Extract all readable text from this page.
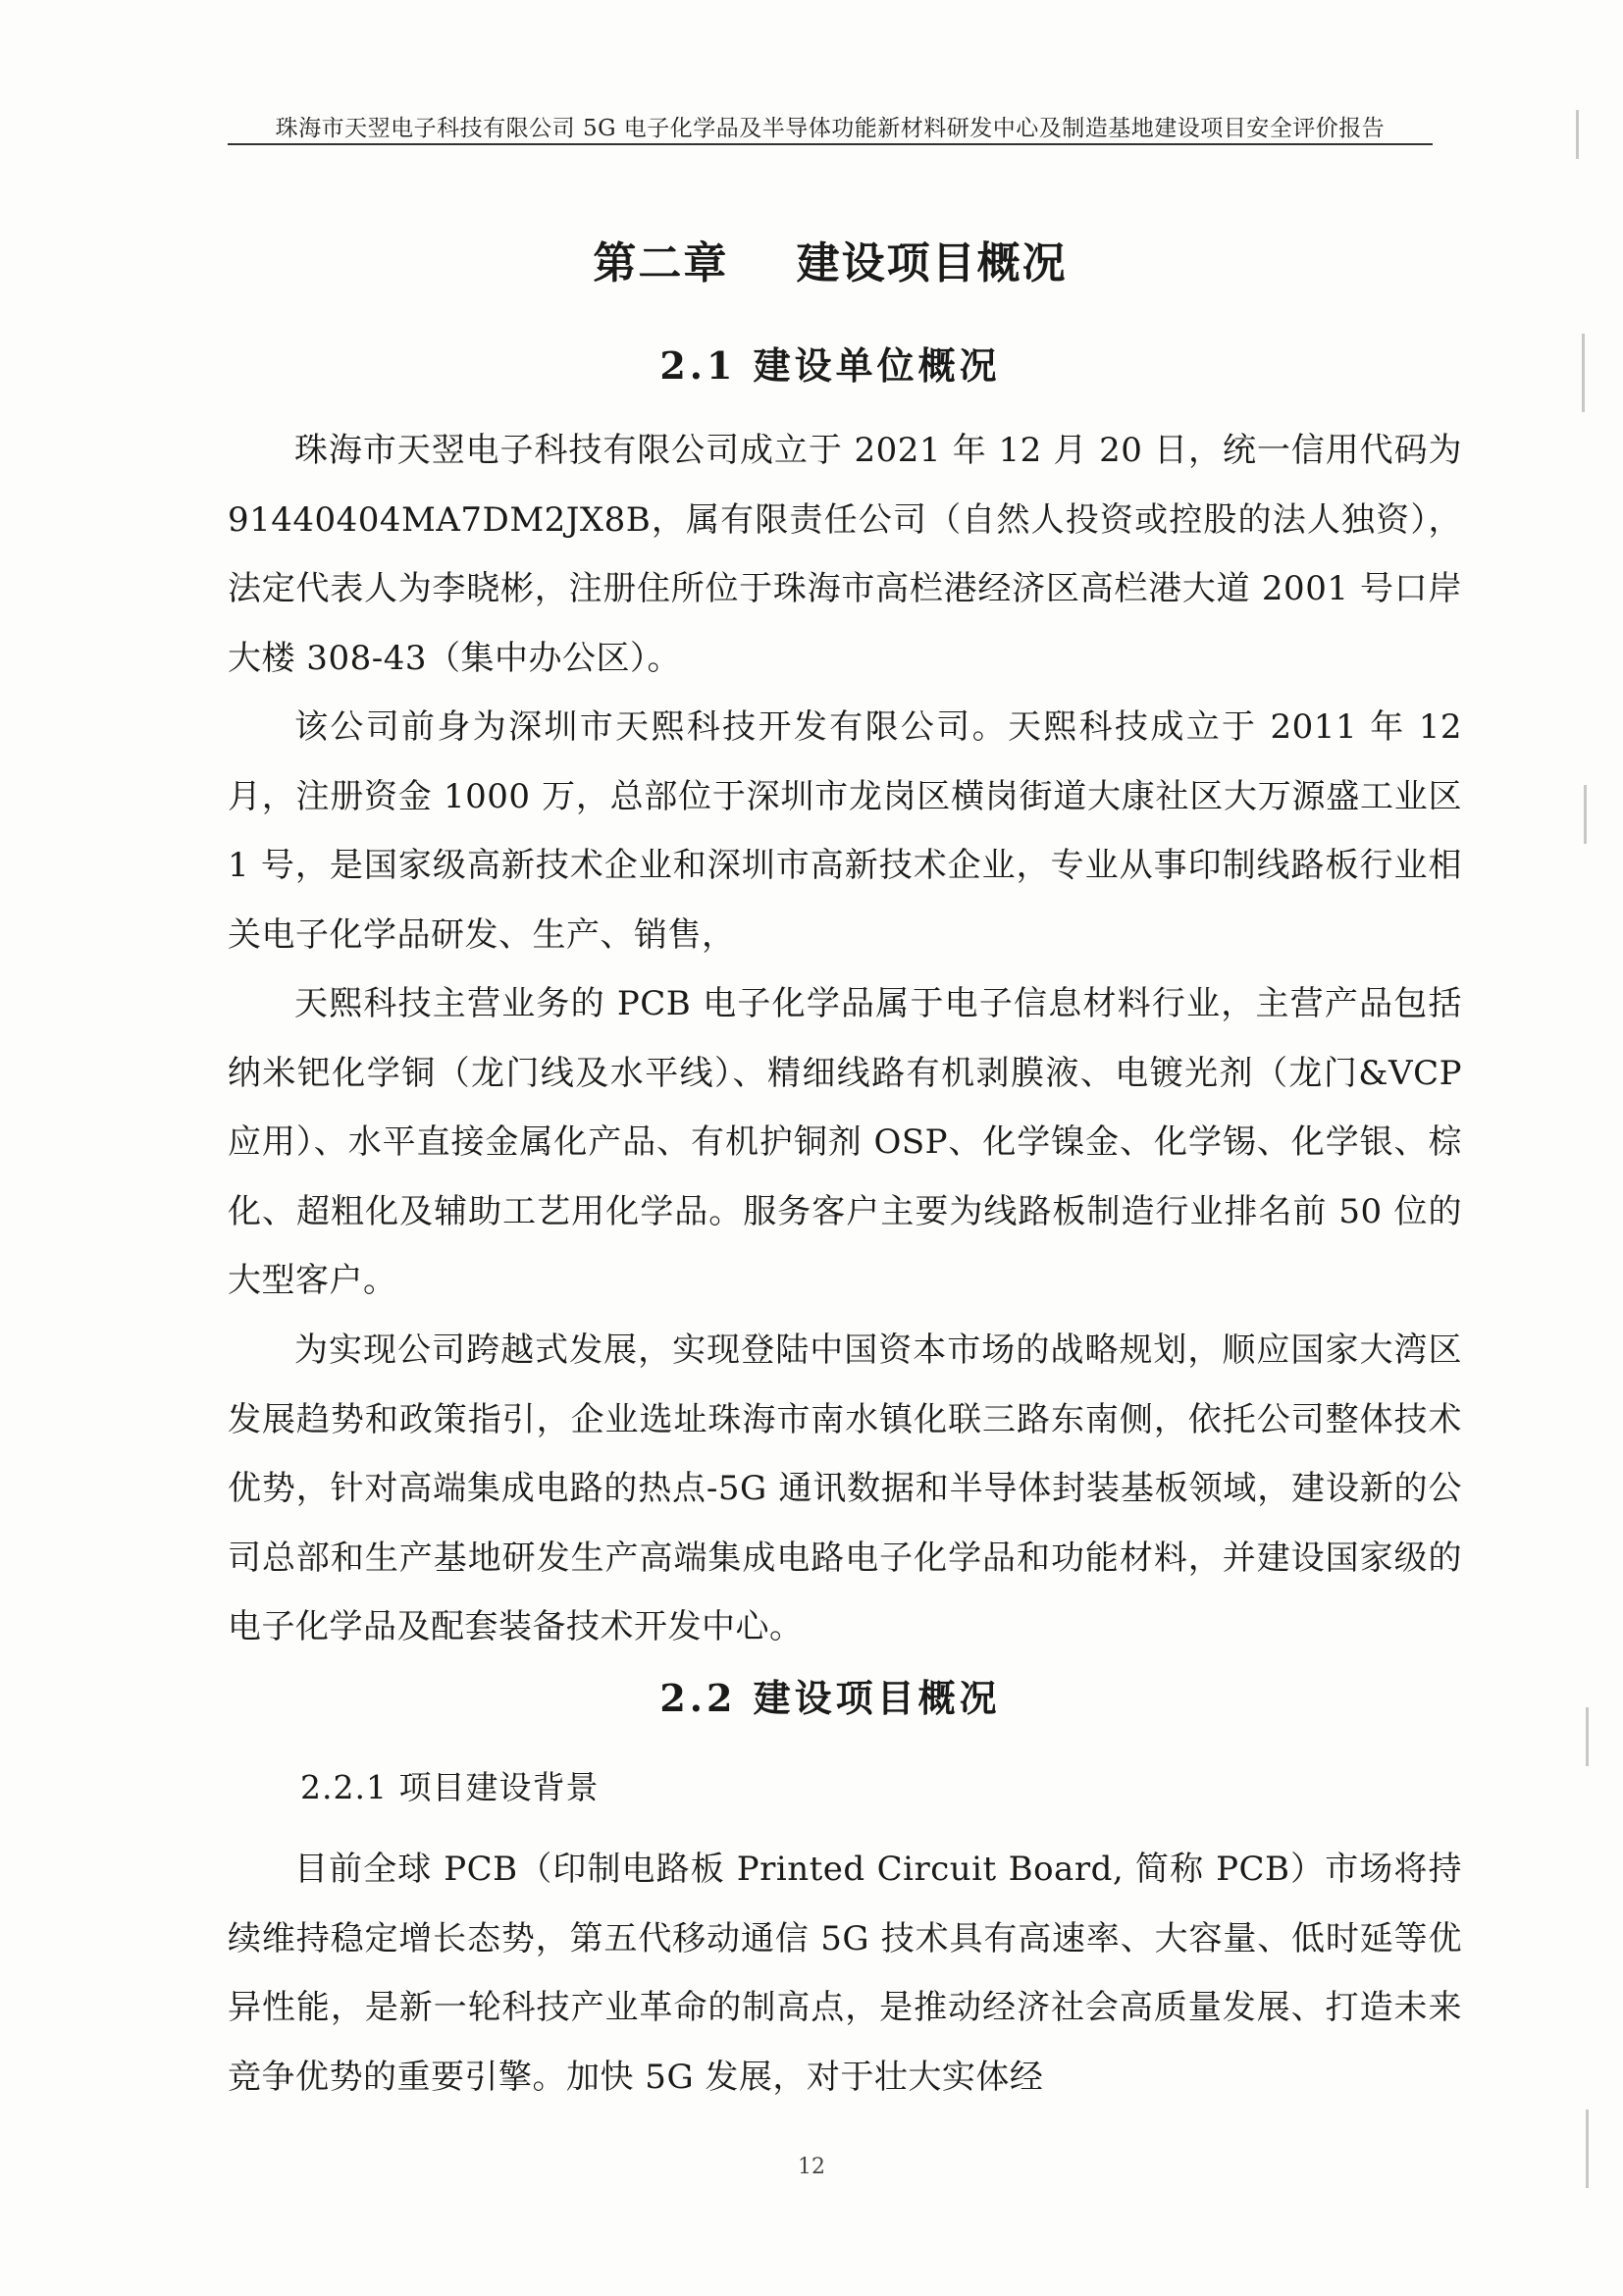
珠海市天翌电子科技有限公司 5G 电子化学品及半导体功能新材料研发中心及制造基地建设项目安全评价报告
第二章    建设项目概况
2.1 建设单位概况
珠海市天翌电子科技有限公司成立于 2021 年 12 月 20 日，统一信用代码为 91440404MA7DM2JX8B，属有限责任公司（自然人投资或控股的法人独资），法定代表人为李晓彬，注册住所位于珠海市高栏港经济区高栏港大道 2001 号口岸大楼 308-43（集中办公区）。
该公司前身为深圳市天熙科技开发有限公司。天熙科技成立于 2011 年 12 月，注册资金 1000 万，总部位于深圳市龙岗区横岗街道大康社区大万源盛工业区 1 号，是国家级高新技术企业和深圳市高新技术企业，专业从事印制线路板行业相关电子化学品研发、生产、销售，
天熙科技主营业务的 PCB 电子化学品属于电子信息材料行业，主营产品包括纳米钯化学铜（龙门线及水平线）、精细线路有机剥膜液、电镀光剂（龙门&VCP 应用）、水平直接金属化产品、有机护铜剂 OSP、化学镍金、化学锡、化学银、棕化、超粗化及辅助工艺用化学品。服务客户主要为线路板制造行业排名前 50 位的大型客户。
为实现公司跨越式发展，实现登陆中国资本市场的战略规划，顺应国家大湾区发展趋势和政策指引，企业选址珠海市南水镇化联三路东南侧，依托公司整体技术优势，针对高端集成电路的热点-5G 通讯数据和半导体封装基板领域，建设新的公司总部和生产基地研发生产高端集成电路电子化学品和功能材料，并建设国家级的电子化学品及配套装备技术开发中心。
2.2 建设项目概况
2.2.1 项目建设背景
目前全球 PCB（印制电路板 Printed Circuit Board, 简称 PCB）市场将持续维持稳定增长态势，第五代移动通信 5G 技术具有高速率、大容量、低时延等优异性能，是新一轮科技产业革命的制高点，是推动经济社会高质量发展、打造未来竞争优势的重要引擎。加快 5G 发展，对于壮大实体经
12
